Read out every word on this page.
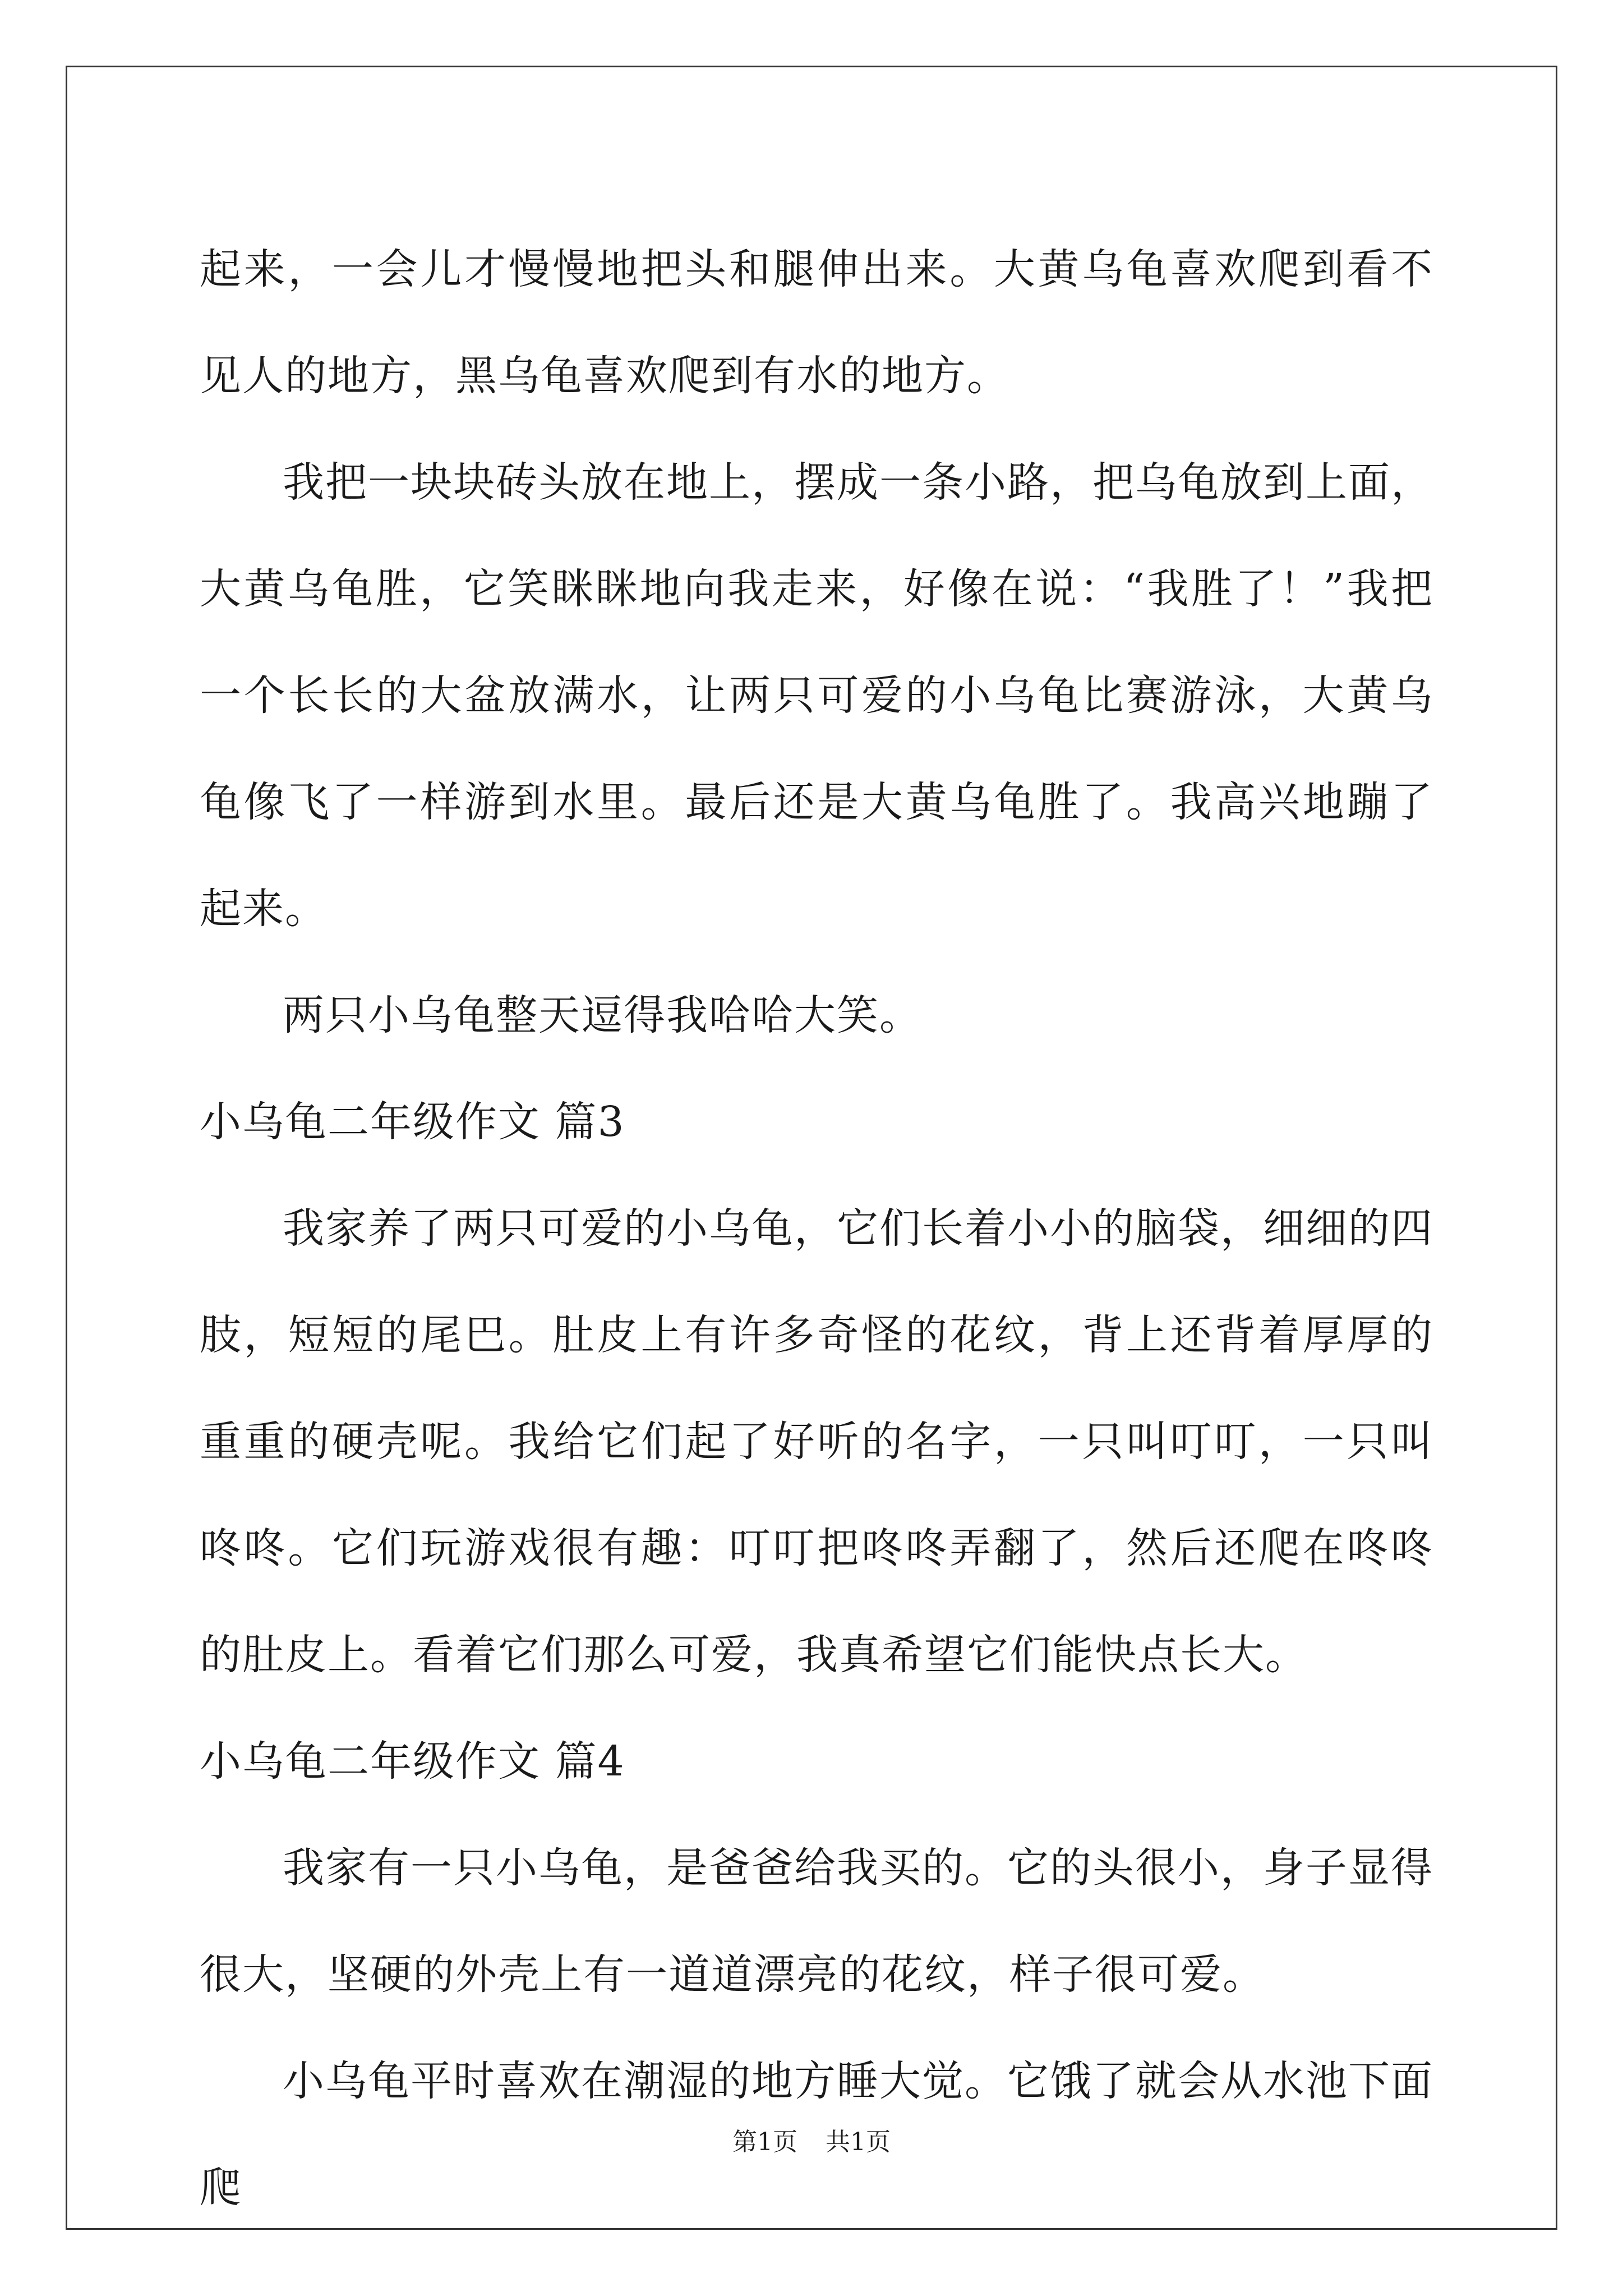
起来，一会儿才慢慢地把头和腿伸出来。大黄乌龟喜欢爬到看不见人的地方，黑乌龟喜欢爬到有水的地方。

我把一块块砖头放在地上，摆成一条小路，把乌龟放到上面，大黄乌龟胜，它笑眯眯地向我走来，好像在说：“我胜了！”我把一个长长的大盆放满水，让两只可爱的小乌龟比赛游泳，大黄乌龟像飞了一样游到水里。最后还是大黄乌龟胜了。我高兴地蹦了起来。

两只小乌龟整天逗得我哈哈大笑。

小乌龟二年级作文 篇3

我家养了两只可爱的小乌龟，它们长着小小的脑袋，细细的四肢，短短的尾巴。肚皮上有许多奇怪的花纹，背上还背着厚厚的重重的硬壳呢。我给它们起了好听的名字，一只叫叮叮，一只叫咚咚。它们玩游戏很有趣：叮叮把咚咚弄翻了，然后还爬在咚咚的肚皮上。看着它们那么可爱，我真希望它们能快点长大。

小乌龟二年级作文 篇4

我家有一只小乌龟，是爸爸给我买的。它的头很小，身子显得很大，坚硬的外壳上有一道道漂亮的花纹，样子很可爱。

小乌龟平时喜欢在潮湿的地方睡大觉。它饿了就会从水池下面爬

第1页 共1页
